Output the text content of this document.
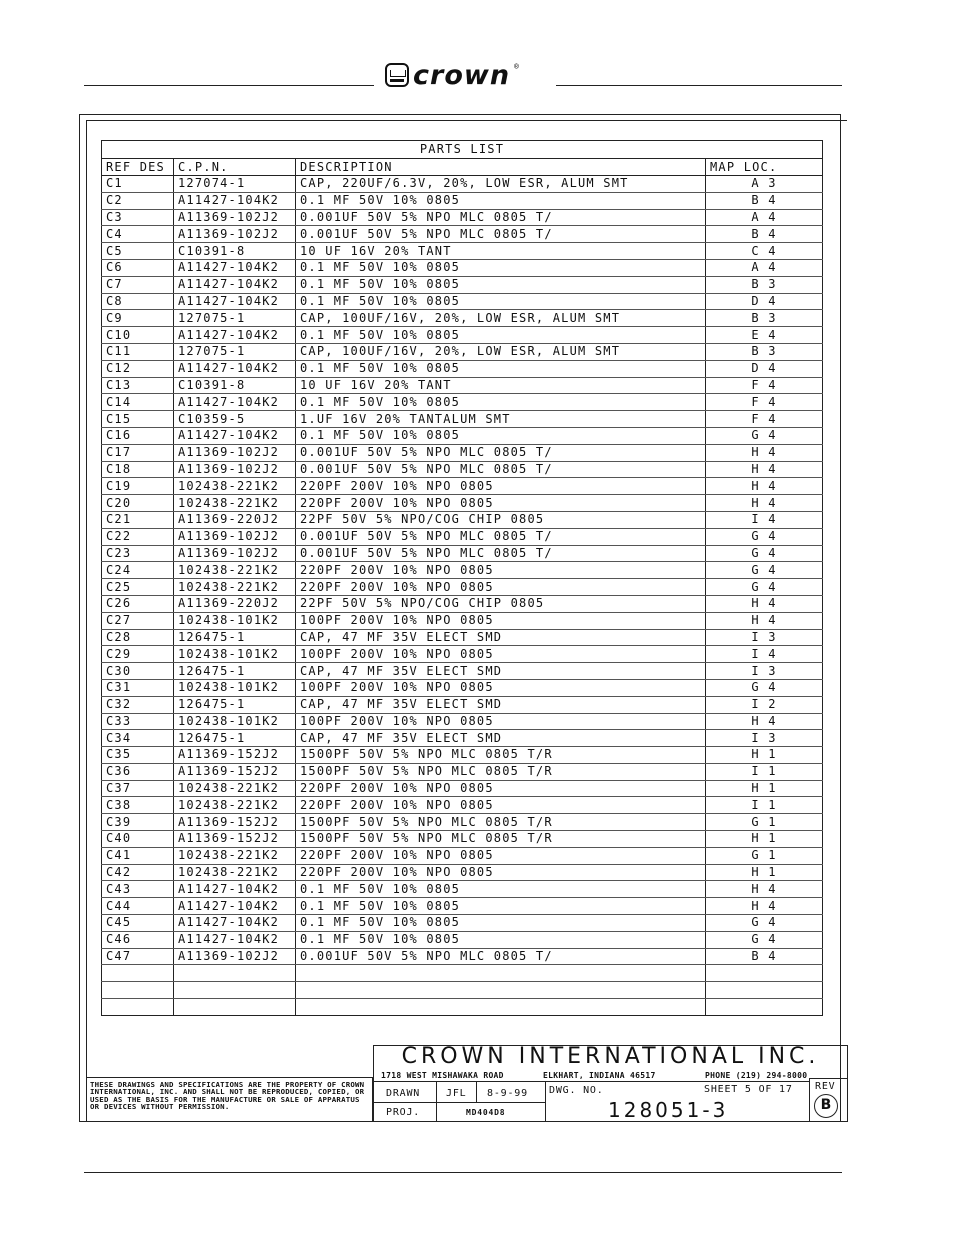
crown ®
PARTS LIST			
REF DES	C.P.N.	DESCRIPTION	MAP LOC.
C1	127074-1	CAP, 220UF/6.3V, 20%, LOW ESR, ALUM SMT	A 3
C2	A11427-104K2	0.1 MF 50V 10% 0805	B 4
C3	A11369-102J2	0.001UF 50V 5% NPO MLC 0805 T/	A 4
C4	A11369-102J2	0.001UF 50V 5% NPO MLC 0805 T/	B 4
C5	C10391-8	10 UF 16V 20% TANT	C 4
C6	A11427-104K2	0.1 MF 50V 10% 0805	A 4
C7	A11427-104K2	0.1 MF 50V 10% 0805	B 3
C8	A11427-104K2	0.1 MF 50V 10% 0805	D 4
C9	127075-1	CAP, 100UF/16V, 20%, LOW ESR, ALUM SMT	B 3
C10	A11427-104K2	0.1 MF 50V 10% 0805	E 4
C11	127075-1	CAP, 100UF/16V, 20%, LOW ESR, ALUM SMT	B 3
C12	A11427-104K2	0.1 MF 50V 10% 0805	D 4
C13	C10391-8	10 UF 16V 20% TANT	F 4
C14	A11427-104K2	0.1 MF 50V 10% 0805	F 4
C15	C10359-5	1.UF 16V 20% TANTALUM SMT	F 4
C16	A11427-104K2	0.1 MF 50V 10% 0805	G 4
C17	A11369-102J2	0.001UF 50V 5% NPO MLC 0805 T/	H 4
C18	A11369-102J2	0.001UF 50V 5% NPO MLC 0805 T/	H 4
C19	102438-221K2	220PF 200V 10% NPO 0805	H 4
C20	102438-221K2	220PF 200V 10% NPO 0805	H 4
C21	A11369-220J2	22PF 50V 5% NPO/COG CHIP 0805	I 4
C22	A11369-102J2	0.001UF 50V 5% NPO MLC 0805 T/	G 4
C23	A11369-102J2	0.001UF 50V 5% NPO MLC 0805 T/	G 4
C24	102438-221K2	220PF 200V 10% NPO 0805	G 4
C25	102438-221K2	220PF 200V 10% NPO 0805	G 4
C26	A11369-220J2	22PF 50V 5% NPO/COG CHIP 0805	H 4
C27	102438-101K2	100PF 200V 10% NPO 0805	H 4
C28	126475-1	CAP, 47 MF 35V ELECT SMD	I 3
C29	102438-101K2	100PF 200V 10% NPO 0805	I 4
C30	126475-1	CAP, 47 MF 35V ELECT SMD	I 3
C31	102438-101K2	100PF 200V 10% NPO 0805	G 4
C32	126475-1	CAP, 47 MF 35V ELECT SMD	I 2
C33	102438-101K2	100PF 200V 10% NPO 0805	H 4
C34	126475-1	CAP, 47 MF 35V ELECT SMD	I 3
C35	A11369-152J2	1500PF 50V 5% NPO MLC 0805 T/R	H 1
C36	A11369-152J2	1500PF 50V 5% NPO MLC 0805 T/R	I 1
C37	102438-221K2	220PF 200V 10% NPO 0805	H 1
C38	102438-221K2	220PF 200V 10% NPO 0805	I 1
C39	A11369-152J2	1500PF 50V 5% NPO MLC 0805 T/R	G 1
C40	A11369-152J2	1500PF 50V 5% NPO MLC 0805 T/R	H 1
C41	102438-221K2	220PF 200V 10% NPO 0805	G 1
C42	102438-221K2	220PF 200V 10% NPO 0805	H 1
C43	A11427-104K2	0.1 MF 50V 10% 0805	H 4
C44	A11427-104K2	0.1 MF 50V 10% 0805	H 4
C45	A11427-104K2	0.1 MF 50V 10% 0805	G 4
C46	A11427-104K2	0.1 MF 50V 10% 0805	G 4
C47	A11369-102J2	0.001UF 50V 5% NPO MLC 0805 T/	B 4

THESE DRAWINGS AND SPECIFICATIONS ARE THE PROPERTY OF CROWN INTERNATIONAL, INC. AND SHALL NOT BE REPRODUCED, COPIED, OR USED AS THE BASIS FOR THE MANUFACTURE OR SALE OF APPARATUS OR DEVICES WITHOUT PERMISSION.
CROWN INTERNATIONAL INC.
1718 WEST MISHAWAKA ROAD	ELKHART, INDIANA 46517	PHONE (219) 294-8000
DRAWN	JFL 8-9-99 DWG. NO.	SHEET 5 OF 17 REV
B
PROJ.	MD404D8	128051-3
